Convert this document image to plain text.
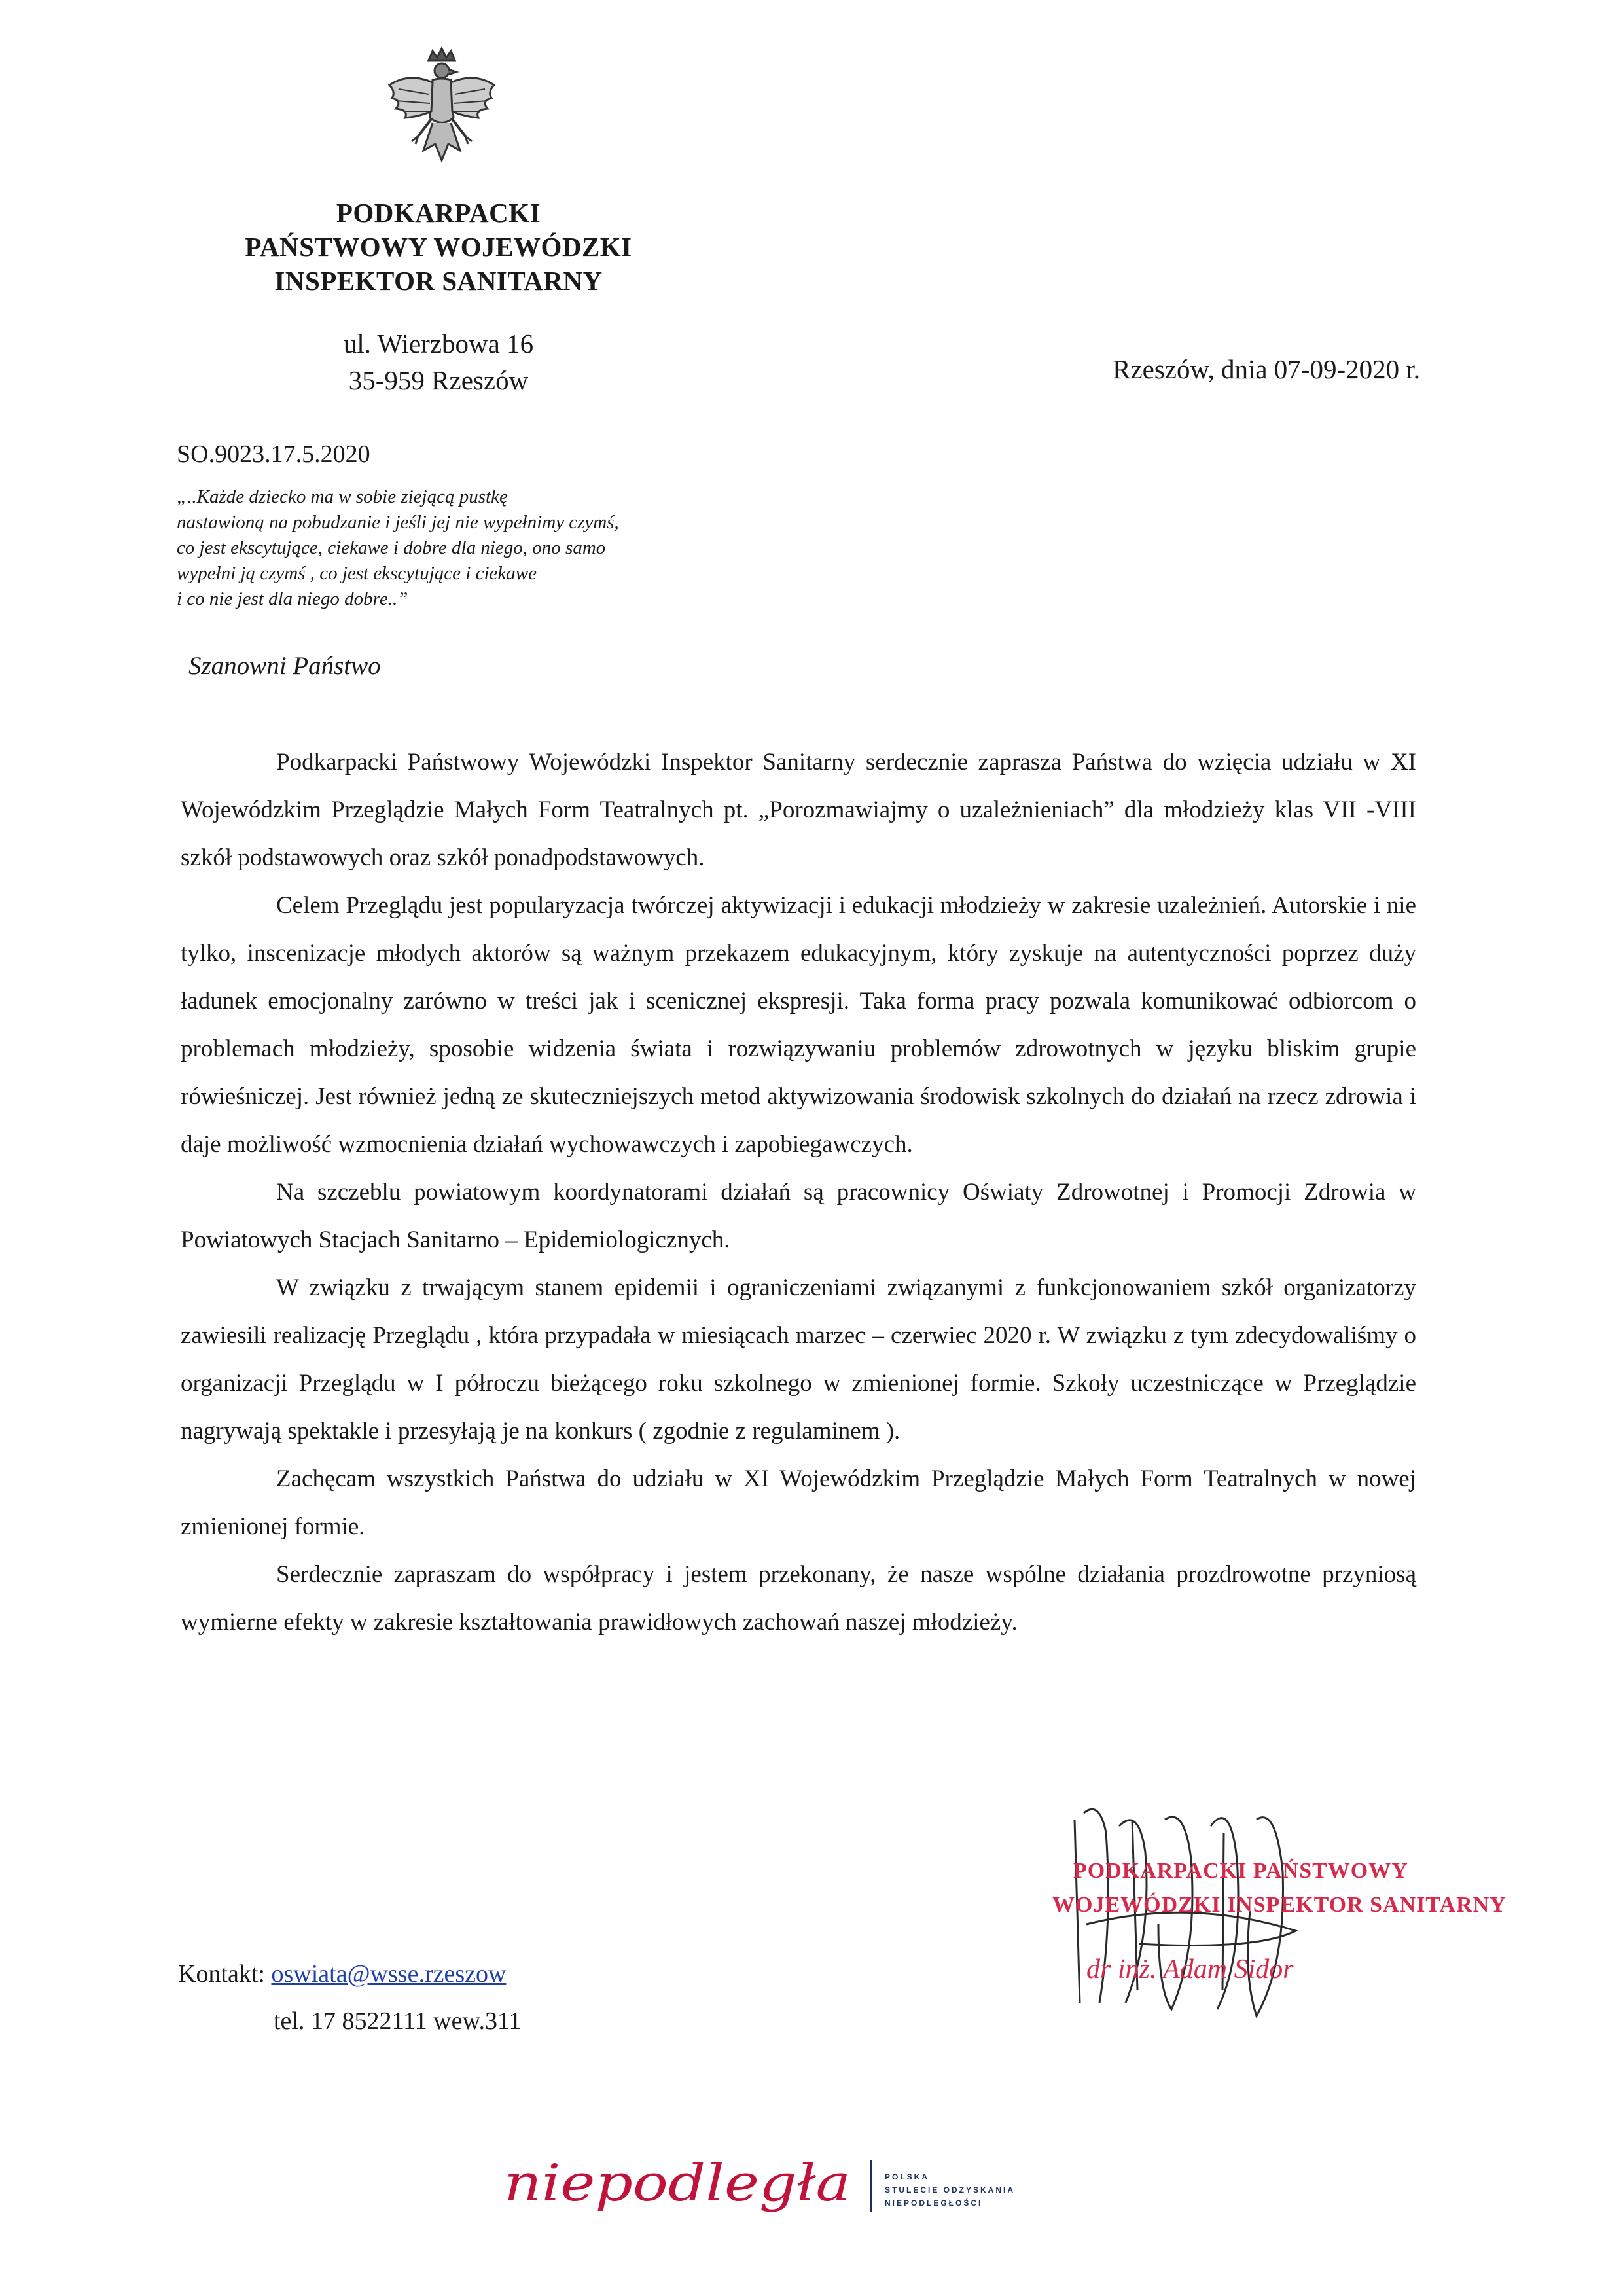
PODKARPACKI
PAŃSTWOWY WOJEWÓDZKI
INSPEKTOR SANITARNY
ul. Wierzbowa 16
35-959 Rzeszów	Rzeszów, dnia 07-09-2020 r.
SO.9023.17.5.2020
„..Każde dziecko ma w sobie ziejącą pustkę
nastawioną na pobudzanie i jeśli jej nie wypełnimy czymś,
co jest ekscytujące, ciekawe i dobre dla niego, ono samo
wypełni ją czymś , co jest ekscytujące i ciekawe
i co nie jest dla niego dobre..”
Szanowni Państwo

Podkarpacki Państwowy Wojewódzki Inspektor Sanitarny serdecznie zaprasza Państwa do wzięcia udziału w XI Wojewódzkim Przeglądzie Małych Form Teatralnych pt. „Porozmawiajmy o uzależnieniach” dla młodzieży klas VII -VIII szkół podstawowych oraz szkół ponadpodstawowych.

Celem Przeglądu jest popularyzacja twórczej aktywizacji i edukacji młodzieży w zakresie uzależnień. Autorskie i nie tylko, inscenizacje młodych aktorów są ważnym przekazem edukacyjnym, który zyskuje na autentyczności poprzez duży ładunek emocjonalny zarówno w treści jak i scenicznej ekspresji. Taka forma pracy pozwala komunikować odbiorcom o problemach młodzieży, sposobie widzenia świata i rozwiązywaniu problemów zdrowotnych w języku bliskim grupie rówieśniczej. Jest również jedną ze skuteczniejszych metod aktywizowania środowisk szkolnych do działań na rzecz zdrowia i daje możliwość wzmocnienia działań wychowawczych i zapobiegawczych.

Na szczeblu powiatowym koordynatorami działań są pracownicy Oświaty Zdrowotnej i Promocji Zdrowia w Powiatowych Stacjach Sanitarno – Epidemiologicznych.

W związku z trwającym stanem epidemii i ograniczeniami związanymi z funkcjonowaniem szkół organizatorzy zawiesili realizację Przeglądu , która przypadała w miesiącach marzec – czerwiec 2020 r. W związku z tym zdecydowaliśmy o organizacji Przeglądu w I półroczu bieżącego roku szkolnego w zmienionej formie. Szkoły uczestniczące w Przeglądzie nagrywają spektakle i przesyłają je na konkurs ( zgodnie z regulaminem ).

Zachęcam wszystkich Państwa do udziału w XI Wojewódzkim Przeglądzie Małych Form Teatralnych w nowej zmienionej formie.

Serdecznie zapraszam do współpracy i jestem przekonany, że nasze wspólne działania prozdrowotne przyniosą wymierne efekty w zakresie kształtowania prawidłowych zachowań naszej młodzieży.

PODKARPACKI PAŃSTWOWY
WOJEWÓDZKI INSPEKTOR SANITARNY
dr inż. Adam Sidor
Kontakt: oswiata@wsse.rzeszow
tel. 17 8522111 wew.311
niepodległa	POLSKA
STULECIE ODZYSKANIA
NIEPODLEGŁOŚCI
